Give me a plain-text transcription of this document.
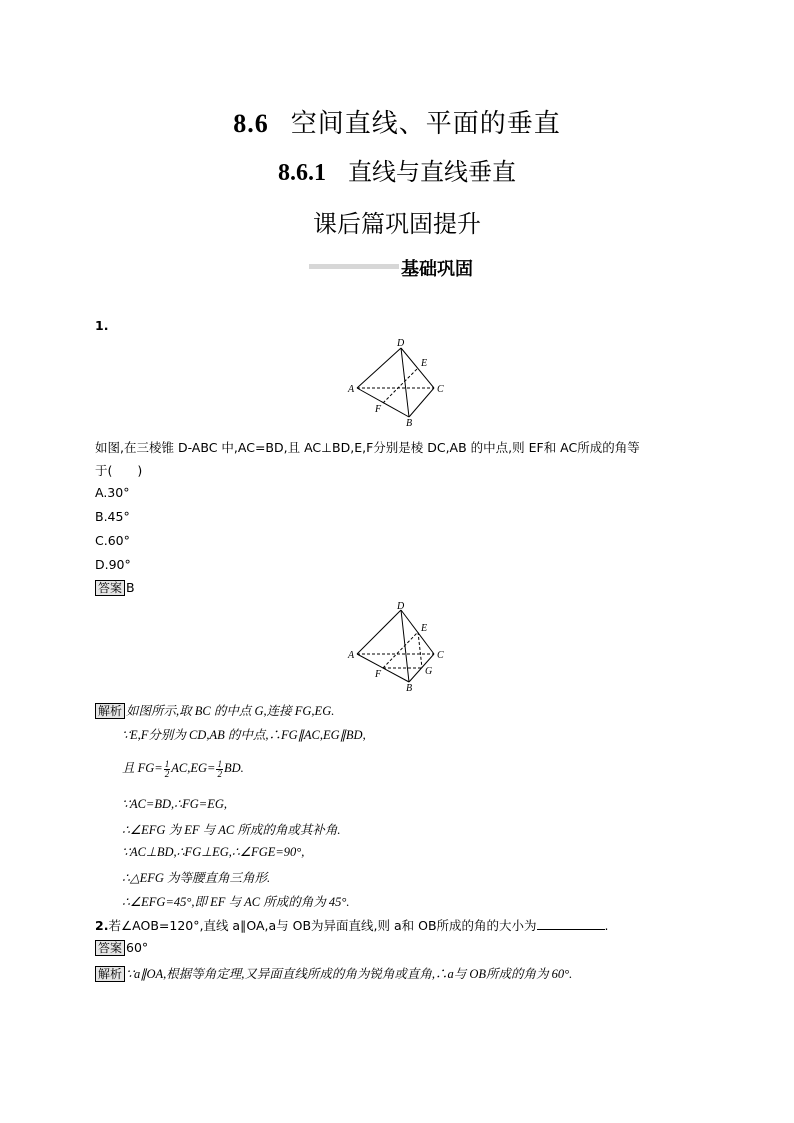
8.6 空间直线、平面的垂直
8.6.1 直线与直线垂直
课后篇巩固提升
基础巩固
1.
D
E
A	C
F
B
如图,在三棱锥 D-ABC 中,AC=BD,且 AC⊥BD,E,F分别是棱 DC,AB 的中点,则 EF和 AC所成的角等
于(　　)
A.30°
B.45°
C.60°
D.90°
答案 B
D
E
A	C
F	G
B
解析 如图所示,取 BC 的中点 G,连接 FG,EG.
∵E,F分别为 CD,AB 的中点,∴FG∥AC,EG∥BD,
且 $FG= \frac{1}{2} AC,EG= \frac{1}{2}$ BD.
∵AC=BD,∴FG=EG,
∴∠EFG 为 EF 与 AC 所成的角或其补角.
∵AC⊥BD,∴FG⊥EG,∴∠FGE=90°,
∴△EFG 为等腰直角三角形.
∴∠EFG=45°,即 EF 与 AC 所成的角为 45°.
2.若∠AOB=120°,直线 a∥OA,a与 OB为异面直线,则 a和 OB所成的角的大小为	.
答案 60°
解析 ∵a∥OA,根据等角定理,又异面直线所成的角为锐角或直角,∴a与 OB所成的角为 60°.
